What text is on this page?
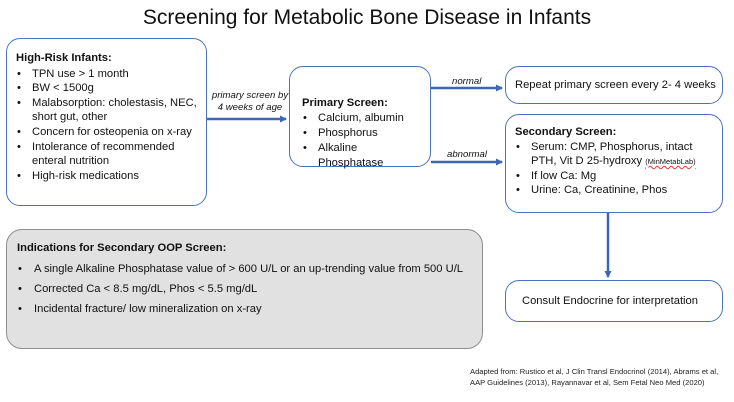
Screening for Metabolic Bone Disease in Infants
High-Risk Infants:
• TPN use > 1 month
• BW < 1500g
• Malabsorption: cholestasis, NEC, short gut, other
• Concern for osteopenia on x-ray
• Intolerance of recommended enteral nutrition
• High-risk medications
primary screen by 4 weeks of age	Primary Screen:
• Calcium, albumin
• Phosphorus
• Alkaline Phosphatase
normal
abnormal
Repeat primary screen every 2- 4 weeks
Secondary Screen:
• Serum: CMP, Phosphorus, intact PTH, Vit D 25-hydroxy (MinMetabLab)
• If low Ca: Mg
• Urine: Ca, Creatinine, Phos
Consult Endocrine for interpretation
Indications for Secondary OOP Screen:
• A single Alkaline Phosphatase value of > 600 U/L or an up-trending value from 500 U/L
• Corrected Ca < 8.5 mg/dL, Phos < 5.5 mg/dL
• Incidental fracture/ low mineralization on x-ray
Adapted from: Rustico et al, J Clin Transl Endocrinol (2014), Abrams et al, AAP Guidelines (2013), Rayannavar et al, Sem Fetal Neo Med (2020)
